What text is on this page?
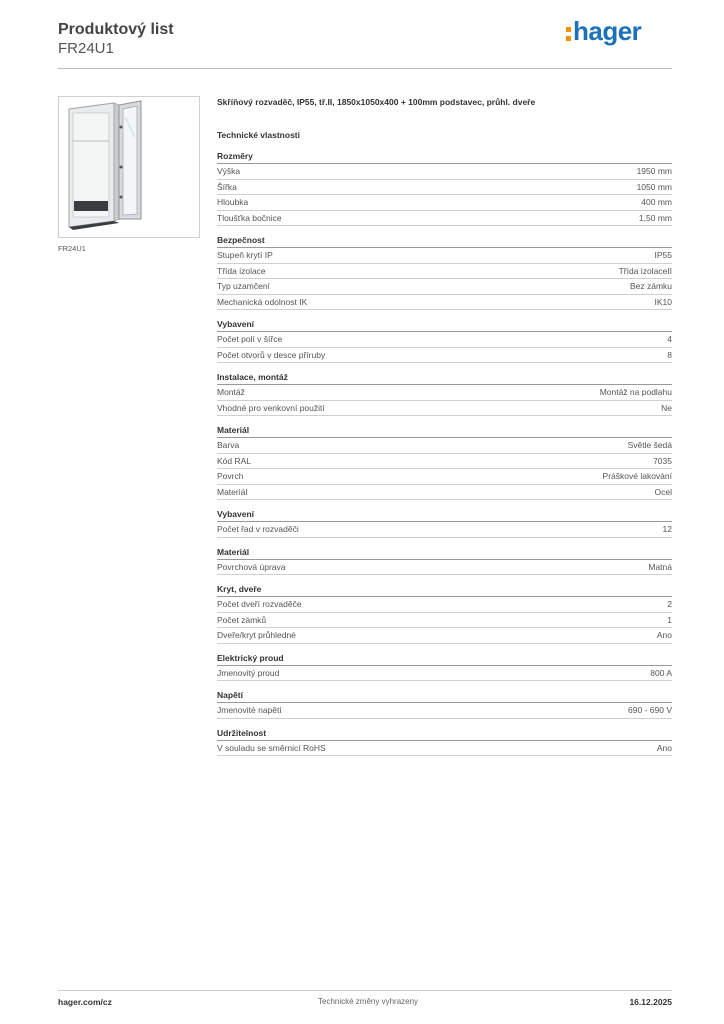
Produktový list
FR24U1
hager
FR24U1
Skříňový rozvaděč, IP55, tř.II, 1850x1050x400 + 100mm podstavec, průhl. dveře
Technické vlastnosti
Rozměry
Výška	1950 mm
Šířka	1050 mm
Hloubka	400 mm
Tloušťka bočnice	1,50 mm
Bezpečnost
Stupeň krytí IP	IP55
Třída izolace	Třída izolaceII
Typ uzamčení	Bez zámku
Mechanická odolnost IK	IK10
Vybavení
Počet polí v šířce	4
Počet otvorů v desce příruby	8
Instalace, montáž
Montáž	Montáž na podlahu
Vhodné pro venkovní použití	Ne
Materiál
Barva	Světle šedá
Kód RAL	7035
Povrch	Práškové lakování
Materiál	Ocel
Vybavení
Počet řad v rozvaděči	12
Materiál
Povrchová úprava	Matná
Kryt, dveře
Počet dveří rozvaděče	2
Počet zámků	1
Dveře/kryt průhledné	Ano
Elektrický proud
Jmenovitý proud	800 A
Napětí
Jmenovité napětí	690 - 690 V
Udržitelnost
V souladu se směrnicí RoHS	Ano
hager.com/cz	Technické změny vyhrazeny	16.12.2025
